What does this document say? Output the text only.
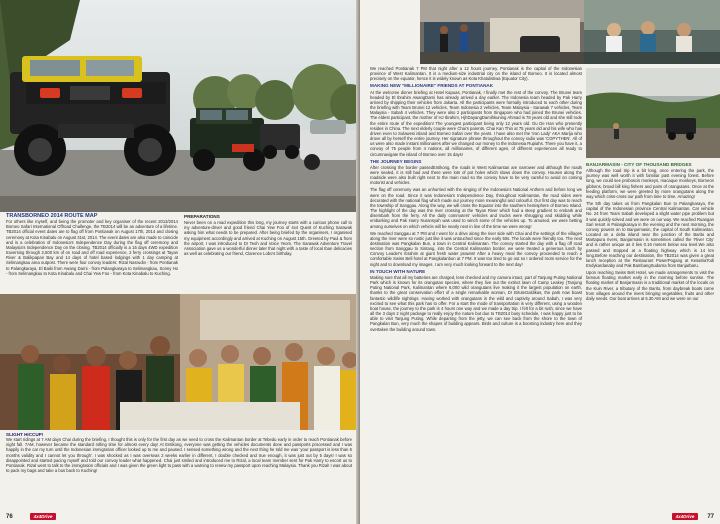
TRANSBORNEO 2014 ROUTE MAP

For others like myself, and being the promoter and key organiser of the recent 2013/2014 Borneo Safari International Offroad Challenge, the TB2014 will be an adventure of a lifetime. TB2014 official event dates are to flag off from Pontianak on August 17th, 2014 and closing ceremony at Kota Kinabalu on August 31st, 2014. The event dates are also made to coincide and is a celebration of Indonesia's Independence Day during the flag off ceremony and Malaysia's Independence Day on the closing. TB2014 officially is a 15 days 4WD expedition traversing through 2,500 km of on road and off road experience, 2 ferry crossings at Tayan River & Balikpapan Bay and 14 days of hotel based lodgings with 1 day camping at Selimangkau area outpost. There were four convoy leaders: Rizal Nasrudin - from Pontianak to Palangkaraya, El Baiki from Awang Darni - from Palangkaraya to Selimangkau, Sonny Ho - from Selimangkau to Kota Kinabalu and Chai Yew Foo - from Kota Kinabalu to Kuching.

PREPARATIONS

Never been on a road expedition this long, my journey starts with a curious phone call to my adventure-driver and good friend Chai Yew Foo of 4x4 Quest of Kuching Sarawak asking him what needs to be prepared. After being briefed by the organisers, I organised my equipment accordingly and arrived at Kuching on August 15th. Greeted by Paul & from the airport, I was introduced to Dr Teoh and Voice Yeom. The Sarawak Adventure Travel Association gave us a wonderful dinner later that night with a taste of local Iban delicacies as well as celebrating our friend, Clarence Lobo's birthday.

SLIGHT HICCUP!

We start ridings at 7 AM days Chai during the briefing, I thought this is only for the first day as we need to cross the Kalimantan border at Tebedu early in order to reach Pontianak before night fall. 7AM, however became the standard rolling time for almost every day! At Entikong, everyone was getting the vehicles documents done and passports processed and I was happily in the car my turn until the Indonesian immigration officer looked up to me and paused. I sensed something wrong and the next thing he told me was 'your passport is less than 6 months validity and I cannot let you through'. I was shocked as I was overseas 2 weeks earlier in different, I double checked and true enough, it was just out by 5 days! I was so disappointed and started pacing myself and told our convoy leader what happened. Chai just smiled and introduced me to Rizal, a local team member sent for Pak Harry to escort us to Pontianak. Rizal went to talk to the immigration officials and I was given the green light to pass with a warning to renew my passport upon reaching Malaysia. Thank you Rizal! I was about to pack my bags and take a bus back to Kuching!

76	4x4Drive

We reached Pontianak 7 PM that night after a 12 hours journey. Pontianak is the capital of the Indonesian province of West Kalimantan. It is a medium-size industrial city on the island of Borneo. It is located almost precisely on the equator, hence it is widely known as Kota Khatulistiwa (Equator City).

MAKING NEW "MILLIONAIRE" FRIENDS AT PONTIANAK

At the welcome dinner briefing at Hotel Kapuas, Pontianak, I finally met the rest of the convoy. The Brunei team headed by El Ibrahim AwangDarni has already arrived a day earlier. The Indonesia team headed by Pak Harry arrived by shipping their vehicles from Jakarta. All the participants were formally introduced to each other during the briefing with Team Brunei 12 vehicles, Team Indonesia 2 vehicles, Team Malaysia - Sarawak 7 vehicles, Team Malaysia - Sabah 4 vehicles. They were also 2 participants from Singapore who had joined the Brunei vehicles. The eldest participant, the mother of HJ Ibrahim, HjhDayangDamihkuning Ahmad is 78 years old and she still rode the entire route of the expedition! The youngest participant being only 12 years old. Ou De Han who presently resides in China. The next elderly couple were Chai's parents, Chai Kan Thin at 75 years old and his wife who has driven even to Sulawesi island and Borneo Safari over the years. I have also met the 'Iron Lady' AKA Marija who drove all by herself the entire journey. Her signature phrase throughout the convoy radio was 'COPYTHEN'. All of us were also made instant millionaires after we changed our money to the Indonesia Rupiahs. There you have it, a convoy of 75 people from 4 nations, all millionaires, of different ages, of different experiences all ready to circumnavigate the island of Borneo over 15 days!

THE JOURNEY BEGINS

After crossing the border passedEntikong, the roads in West Kalimantan are narrower and although the roads were sealed, it is still bad and there were lots of pot holes which slows down the convoy. Houses along the roadside were also built right next to the main road so the convoy have to be very careful to avoid on coming motorist and vehicles.

The flag off ceremony was an unhurried with the singing of the Indonesia's National Anthem and before long we were on the road. Since it was Indonesia's Independence Day, throughout Kalimantan, the road sides were decorated with the national flag which made our journey more meaningful and colourful. Our first day was to reach the township of Sanggau. Along the way, we will cross the Equator into the southern hemisphere of Borneo Island. The highlight of the day was the river crossing at the Tayan River which had a steep gradient to embark and disembark from the ferry. All the daily commuters' vehicles and trucks were shrugging and skidding while embarking and Pak Harry Nuransyah was used to winch some of the vehicles up. To amused, we were betting among ourselves on which vehicle will be nearly next in line of the time we were wrong!

We reached Sanggau at 7 PM and I went for a drive along the river side with Chai and the settings of the villages along the river were so rustic just like it was untouched since the early 50s. The locals were friendly too. The next destination was Pangkalan Bun, a town in Central Kalimantan. The convoy started the day with a flag off road section from Sanggau to Sintang, into the Central Kalimantan border, we were treated a generous lunch by Convoy Leader's Ibrahim at giant fresh water prawns! After a heavy meal the convoy proceeded to reach a comfortable Swiss Bell hotel at Pangkalanbun at 7 PM. It was too tired to go out so I ordered room service for the night and to download my images. I am very much looking forward to the next day!

IN TOUCH WITH NATURE

Making sure that all my batteries are charged, lens checked and my camera intact, part of Tanjung Puting National Park which is known for its orangutan species, where they live out the extinct lawn of Camp Leakey (Tanjung Puting National Park, Kalimantan where 6,000 wild orangutans live making it the largest population on earth, thanks to the great conservation effort of a single remarkable woman, Dr BiruteGaldikas, the park now boast fantastic wildlife sightings. Having worked with orangutans in the wild and captivity around Sabah, I was very excited to see what this park has to offer. For a start the mode of transportation is very different, using a wooden boat house, the journey to the park is 4 hours one way and we made a day trip. I felt for a bit rush, since we have all the 3 days 2 night package to really enjoy the nature but due to TB2014 busy schedule, I was happy just to be able to visit Tanjung Puting. While departing from the jetty, we can see back from the shore to the town of Pangkalan Bun, very much the shapes of building appears. Birds and culture is a booming industry here and they overtaken the building around town.

BANJARMASIN - CITY OF THOUSAND BRIDGES

Although the road trip is a bit long, once entering the park, the journey was well worth it with familiar past evening forest. Before long, we could see proboscis monkeys, macaque monkeys, Borneon gibbons, broad bill king fishers and pairs of orangutans. Once at the feeding platform, we were greeted by more orangutans along the way which criss-cross our path from time to time. Amazing!

The 5th day takes us from Pangkalan Bun to Palangkaraya, the capital of the Indonesian province Central Kalimantan. Car vehicle No. 24 from Team Sabah developed a slight water pipe problem but it was quickly solved and we were on our way. We reached Ruangan Sari resort in Palangkaraya in the evening and the next morning, the convoy powers on to Banjarmasin, the capital of South Kalimantan. Located on a delta island near the junction of the Barito and Martapura rivers, Banjarmasin is sometimes called the 'River City' and is rather unique as it lies 0.16 meters below sea level.We also passed and stopped at a floating highway which is 14 km long.Before reaching our destination, the TB2014 was given a great lunch reception at the Restaurant PowerPogang at KesatriaTodi Endykardanaby and Pak BambangSudarna from Banjarbaru.

Upon reaching Swiss Belt Hotel, we made arrangements to visit the famous floating market early in the morning before sunrise. The floating market of Banjarmasin is a traditional market of the locals on the Kuin River, a tributary of the Barito, from daybreak boats come from villages around the rivers bringing vegetables, fruits and other daily needs. Our boat arrives at 5.30 AM and we were on our

77
4x4Drive
